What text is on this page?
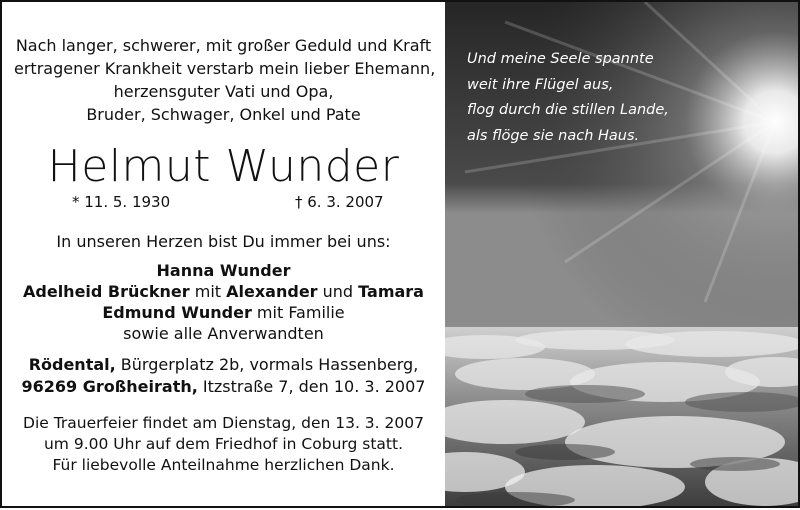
Nach langer, schwerer, mit großer Geduld und Kraft
ertragener Krankheit verstarb mein lieber Ehemann,
herzensguter Vati und Opa,
Bruder, Schwager, Onkel und Pate
Helmut Wunder
* 11. 5. 1930	† 6. 3. 2007
In unseren Herzen bist Du immer bei uns:
Hanna Wunder
Adelheid Brückner mit Alexander und Tamara
Edmund Wunder mit Familie
sowie alle Anverwandten
Rödental, Bürgerplatz 2b, vormals Hassenberg,
96269 Großheirath, Itzstraße 7, den 10. 3. 2007
Die Trauerfeier findet am Dienstag, den 13. 3. 2007
um 9.00 Uhr auf dem Friedhof in Coburg statt.
Für liebevolle Anteilnahme herzlichen Dank.
Und meine Seele spannte
weit ihre Flügel aus,
flog durch die stillen Lande,
als flöge sie nach Haus.
